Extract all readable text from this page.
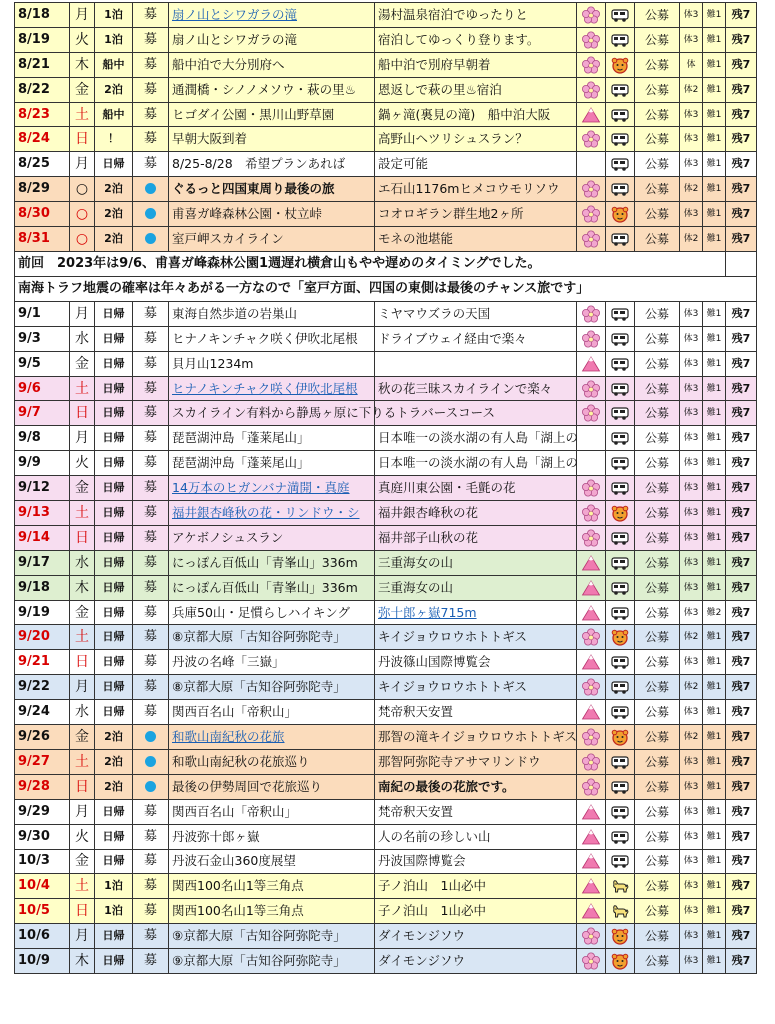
8/18	月	1泊	募	扇ノ山とシワガラの滝	湯村温泉宿泊でゆったりと			公募	体3	難1	残7
8/19	火	1泊	募	扇ノ山とシワガラの滝	宿泊してゆっくり登ります。			公募	体3	難1	残7
8/21	木	船中	募	船中泊で大分別府へ	船中泊で別府早朝着			公募	体	難1	残7
8/22	金	2泊	募	通潤橋・シノノメソウ・萩の里♨	恩返しで萩の里♨宿泊			公募	体2	難1	残7
8/23	土	船中	募	ヒゴダイ公園・黒川山野草園	鍋ヶ滝(裏見の滝)　船中泊大阪			公募	体3	難1	残7
8/24	日	！	募	早朝大阪到着	高野山ヘツリシュスラン？			公募	体3	難1	残7
8/25	月	日帰	募	8/25-8/28　希望プランあれば	設定可能			公募	体3	難1	残7
8/29	○	2泊		ぐるっと四国東周り最後の旅	エ石山1176mヒメコウモリソウ			公募	体2	難1	残7
8/30	○	2泊		甫喜ガ峰森林公園・杖立峠	コオロギラン群生地2ヶ所			公募	体3	難1	残7
8/31	○	2泊		室戸岬スカイライン	モネの池堪能			公募	体2	難1	残7
前回　2023年は9/6、甫喜ガ峰森林公園1週遅れ横倉山もやや遅めのタイミングでした。											
南海トラフ地震の確率は年々あがる一方なので「室戸方面、四国の東側は最後のチャンス旅です」											
9/1	月	日帰	募	東海自然歩道の岩巣山	ミヤマウズラの天国			公募	体3	難1	残7
9/3	水	日帰	募	ヒナノキンチャク咲く伊吹北尾根	ドライブウェイ経由で楽々			公募	体3	難1	残7
9/5	金	日帰	募	貝月山1234m				公募	体3	難1	残7
9/6	土	日帰	募	ヒナノキンチャク咲く伊吹北尾根	秋の花三昧スカイラインで楽々			公募	体3	難1	残7
9/7	日	日帰	募	スカイライン有料から静馬ヶ原に下りるトラバースコース				公募	体3	難1	残7
9/8	月	日帰	募	琵琶湖沖島「蓬莱尾山」	日本唯一の淡水湖の有人島「湖上の			公募	体3	難1	残7
9/9	火	日帰	募	琵琶湖沖島「蓬莱尾山」	日本唯一の淡水湖の有人島「湖上の			公募	体3	難1	残7
9/12	金	日帰	募	14万本のヒガンバナ満開・真庭	真庭川東公園・毛氈の花			公募	体3	難1	残7
9/13	土	日帰	募	福井銀杏峰秋の花・リンドウ・シ	福井銀杏峰秋の花			公募	体3	難1	残7
9/14	日	日帰	募	アケボノシュスラン	福井部子山秋の花			公募	体3	難1	残7
9/17	水	日帰	募	にっぽん百低山「青峯山」336m	三重海女の山			公募	体3	難1	残7
9/18	木	日帰	募	にっぽん百低山「青峯山」336m	三重海女の山			公募	体3	難1	残7
9/19	金	日帰	募	兵庫50山・足慣らしハイキング	弥十郎ヶ嶽715m			公募	体3	難2	残7
9/20	土	日帰	募	⑧京都大原「古知谷阿弥陀寺」	キイジョウロウホトトギス			公募	体2	難1	残7
9/21	日	日帰	募	丹波の名峰「三嶽」	丹波篠山国際博覧会			公募	体3	難1	残7
9/22	月	日帰	募	⑧京都大原「古知谷阿弥陀寺」	キイジョウロウホトトギス			公募	体2	難1	残7
9/24	水	日帰	募	関西百名山「帝釈山」	梵帝釈天安置			公募	体3	難1	残7
9/26	金	2泊		和歌山南紀秋の花旅	那智の滝キイジョウロウホトトギス			公募	体2	難1	残7
9/27	土	2泊		和歌山南紀秋の花旅巡り	那智阿弥陀寺アサマリンドウ			公募	体3	難1	残7
9/28	日	2泊		最後の伊勢周回で花旅巡り	南紀の最後の花旅です。			公募	体3	難1	残7
9/29	月	日帰	募	関西百名山「帝釈山」	梵帝釈天安置			公募	体3	難1	残7
9/30	火	日帰	募	丹波弥十郎ヶ嶽	人の名前の珍しい山			公募	体3	難1	残7
10/3	金	日帰	募	丹波石金山360度展望	丹波国際博覧会			公募	体3	難1	残7
10/4	土	1泊	募	関西100名山1等三角点	子ノ泊山　1山必中			公募	体3	難1	残7
10/5	日	1泊	募	関西100名山1等三角点	子ノ泊山　1山必中			公募	体3	難1	残7
10/6	月	日帰	募	⑨京都大原「古知谷阿弥陀寺」	ダイモンジソウ			公募	体3	難1	残7
10/9	木	日帰	募	⑨京都大原「古知谷阿弥陀寺」	ダイモンジソウ			公募	体3	難1	残7
